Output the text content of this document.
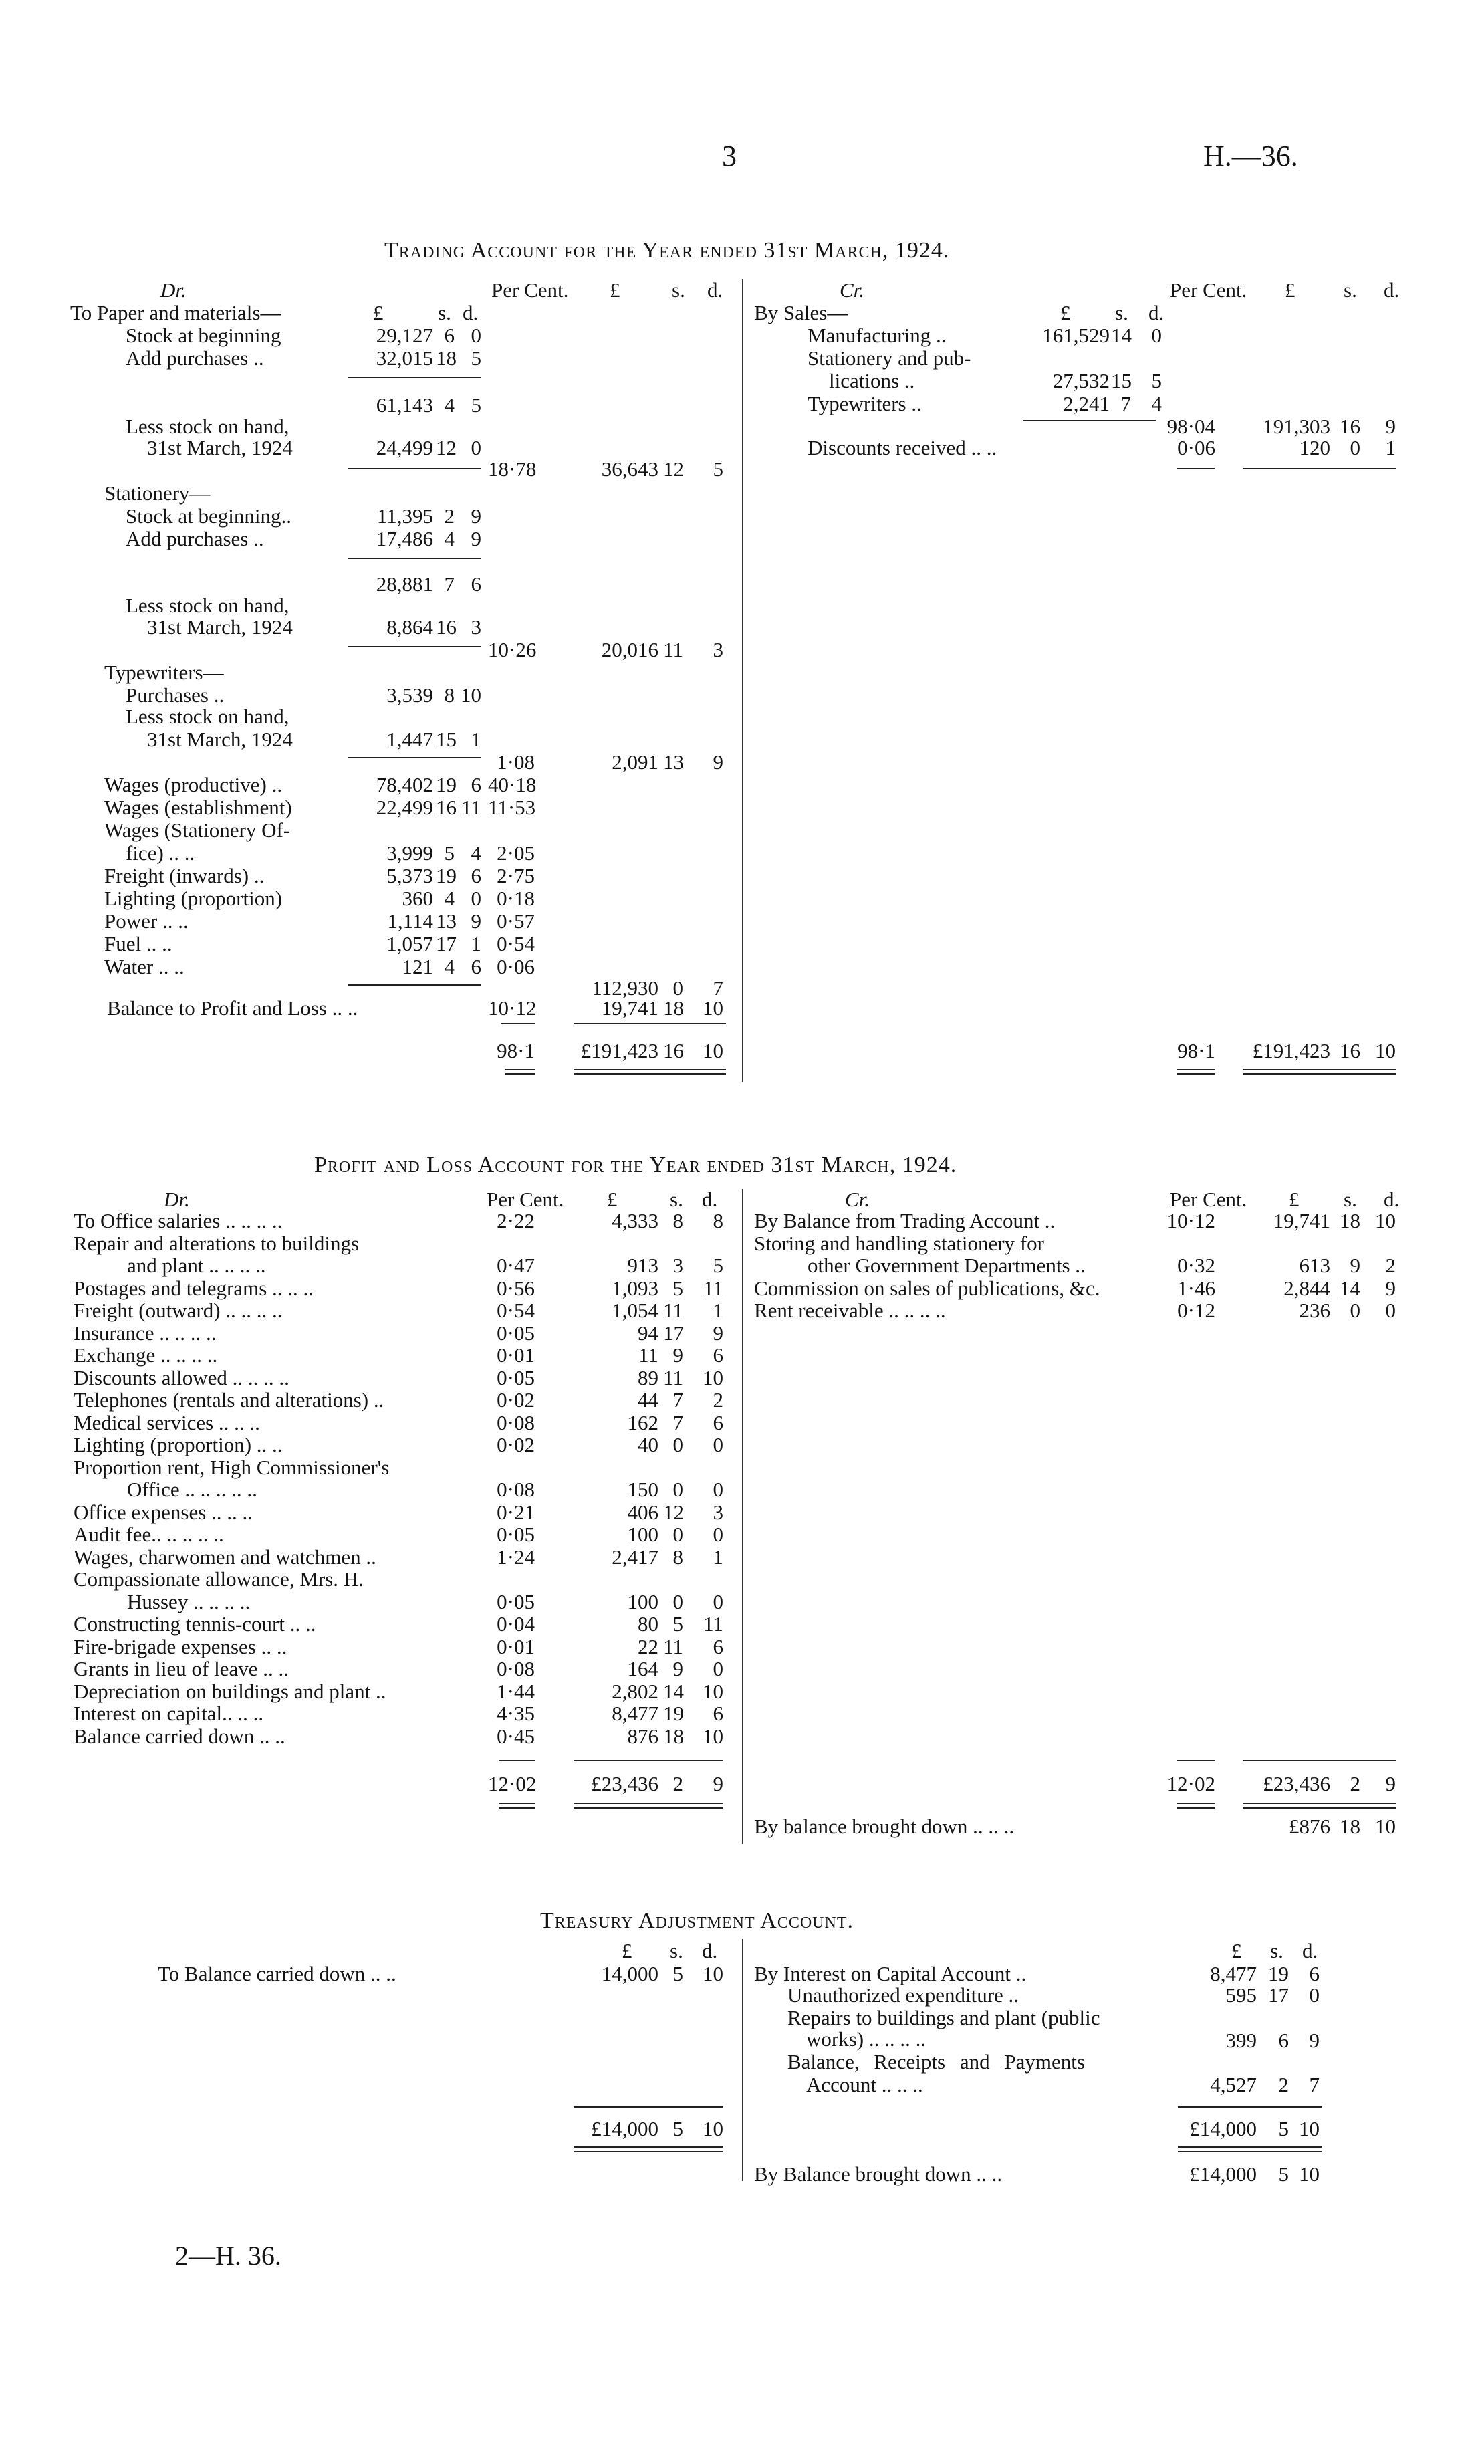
3	H.—36.
Trading Account for the Year ended 31st March, 1924.
Dr.	Per Cent. £	s. d.
To Paper and materials—	£	s. d.
Stock at beginning	29,127 6 0
Add purchases ..	32,015 18 5
61,143 4 5
Less stock on hand,
31st March, 1924	24,499 12 0
18·78	36,643 12	5
Stationery—
Stock at beginning..	11,395 2 9
Add purchases ..	17,486 4 9
28,881 7 6
Less stock on hand,
31st March, 1924	8,864 16 3
10·26	20,016 11	3
Typewriters—
Purchases ..	3,539 8 10
Less stock on hand,
31st March, 1924	1,447 15 1
1·08	2,091 13	9
Wages (productive) ..	78,402 19 6 40·18
Wages (establishment)	22,499 16 11 11·53
Wages (Stationery Of-
fice) .. ..	3,999 5 4 2·05
Freight (inwards) ..	5,373 19 6 2·75
Lighting (proportion)	360 4 0 0·18
Power .. ..	1,114 13 9 0·57
Fuel .. ..	1,057 17 1 0·54
Water .. ..	121 4 6 0·06
112,930 0	7
Balance to Profit and Loss .. ..	10·12	19,741 18 10
98·1	£191,423 16 10
Cr.	Per Cent. £ s. d.
By Sales—	£ s. d.
Manufacturing ..	161,529 14 0
Stationery and pub-
lications ..	27,532 15 5
Typewriters ..	2,241 7 4
98·04	191,303 16	9
Discounts received .. ..	0·06	120 0	1
98·1	£191,423 16 10
Profit and Loss Account for the Year ended 31st March, 1924.
Dr.	Per Cent. £	s. d.
To Office salaries .. .. .. ..	2·22	4,333 8	8
Repair and alterations to buildings
and plant .. .. .. ..	0·47	913 3	5
Postages and telegrams .. .. ..	0·56	1,093 5 11
Freight (outward) .. .. .. ..	0·54	1,054 11	1
Insurance .. .. .. ..	0·05	94 17	9
Exchange .. .. .. ..	0·01	11 9	6
Discounts allowed .. .. .. ..	0·05	89 11 10
Telephones (rentals and alterations) ..	0·02	44 7	2
Medical services .. .. ..	0·08	162 7	6
Lighting (proportion) .. ..	0·02	40 0	0
Proportion rent, High Commissioner's
Office .. .. .. .. ..	0·08	150 0	0
Office expenses .. .. ..	0·21	406 12	3
Audit fee.. .. .. .. ..	0·05	100 0	0
Wages, charwomen and watchmen ..	1·24	2,417 8	1
Compassionate allowance, Mrs. H.
Hussey .. .. .. ..	0·05	100 0	0
Constructing tennis-court .. ..	0·04	80 5 11
Fire-brigade expenses .. ..	0·01	22 11	6
Grants in lieu of leave .. ..	0·08	164 9	0
Depreciation on buildings and plant ..	1·44	2,802 14 10
Interest on capital.. .. ..	4·35	8,477 19	6
Balance carried down .. ..	0·45	876 18 10
12·02	£23,436 2	9
Cr.	Per Cent. £ s. d.
By Balance from Trading Account ..	10·12	19,741 18 10
Storing and handling stationery for
other Government Departments ..	0·32	613 9	2
Commission on sales of publications, &c.	1·46	2,844 14	9
Rent receivable .. .. .. ..	0·12	236 0	0
12·02	£23,436 2	9
By balance brought down .. .. ..	£876 18 10
Treasury Adjustment Account.
£ s. d.
To Balance carried down .. ..	14,000 5 10
£14,000 5 10
£ s. d.
By Interest on Capital Account ..	8,477 19 6
Unauthorized expenditure ..	595 17 0
Repairs to buildings and plant (public
works) .. .. .. ..	399	6 9
Balance, Receipts and Payments
Account .. .. ..	4,527	2 7
£14,000	5 10
By Balance brought down .. ..	£14,000	5 10
2—H. 36.
